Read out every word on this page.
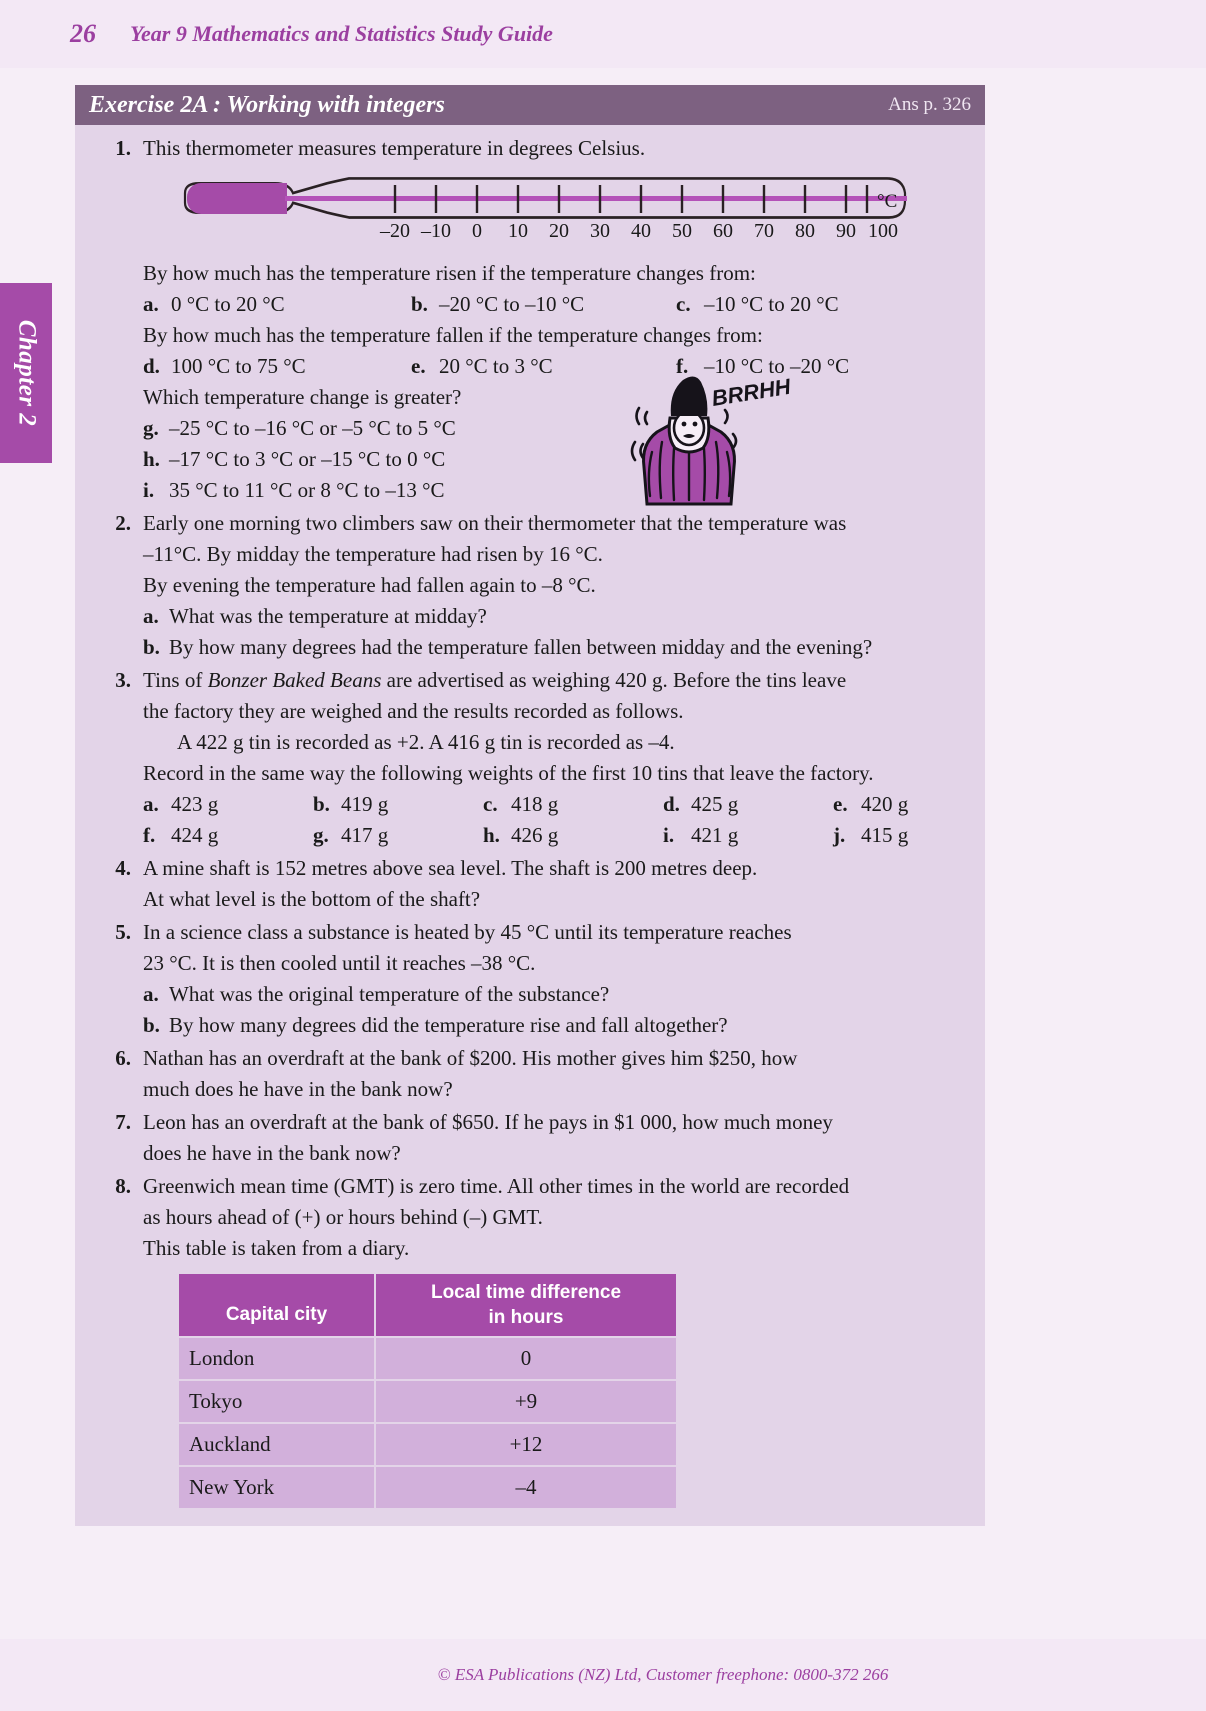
26 Year 9 Mathematics and Statistics Study Guide
Chapter 2
Exercise 2A : Working with integers	Ans p. 326
1. This thermometer measures temperature in degrees Celsius.

–20 –10 0 10 20 30 40 50 60 70 80 90 100
°C

By how much has the temperature risen if the temperature changes from:

a. 0 °C to 20 °C	b. –20 °C to –10 °C	c. –10 °C to 20 °C

By how much has the temperature fallen if the temperature changes from:

d. 100 °C to 75 °C	e. 20 °C to 3 °C	f. –10 °C to –20 °C

Which temperature change is greater?

g. –25 °C to –16 °C or –5 °C to 5 °C
h. –17 °C to 3 °C or –15 °C to 0 °C
i. 35 °C to 11 °C or 8 °C to –13 °C
2. Early one morning two climbers saw on their thermometer that the temperature was

–11°C. By midday the temperature had risen by 16 °C.

By evening the temperature had fallen again to –8 °C.

a. What was the temperature at midday?
b. By how many degrees had the temperature fallen between midday and the evening?
3. Tins of Bonzer Baked Beans are advertised as weighing 420 g. Before the tins leave

the factory they are weighed and the results recorded as follows.

A 422 g tin is recorded as +2. A 416 g tin is recorded as –4.

Record in the same way the following weights of the first 10 tins that leave the factory.

a. 423 g	b. 419 g	c. 418 g	d. 425 g	e. 420 g
f. 424 g	g. 417 g	h. 426 g	i. 421 g	j. 415 g
4. A mine shaft is 152 metres above sea level. The shaft is 200 metres deep.

At what level is the bottom of the shaft?

5. In a science class a substance is heated by 45 °C until its temperature reaches

23 °C. It is then cooled until it reaches –38 °C.

a. What was the original temperature of the substance?
b. By how many degrees did the temperature rise and fall altogether?
6. Nathan has an overdraft at the bank of $200. His mother gives him $250, how

much does he have in the bank now?

7. Leon has an overdraft at the bank of $650. If he pays in $1 000, how much money

does he have in the bank now?

8. Greenwich mean time (GMT) is zero time. All other times in the world are recorded

as hours ahead of (+) or hours behind (–) GMT.

This table is taken from a diary.

Capital city	Local time difference
in hours
London	0
Tokyo	+9
Auckland	+12
New York	–4
BRRHH!
© ESA Publications (NZ) Ltd, Customer freephone: 0800-372 266
